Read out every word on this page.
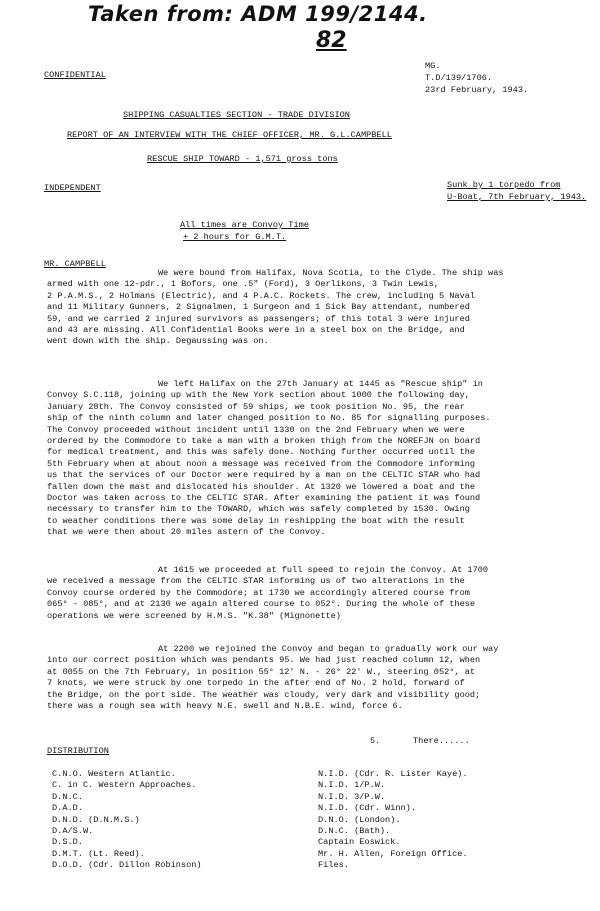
Taken from: ADM 199/2144.
82
CONFIDENTIAL
MG.
T.D/139/1706.
23rd February, 1943.
SHIPPING CASUALTIES SECTION - TRADE DIVISION
REPORT OF AN INTERVIEW WITH THE CHIEF OFFICER, MR. G.L.CAMPBELL
RESCUE SHIP TOWARD - 1,571 gross tons
INDEPENDENT	Sunk by 1 torpedo from
U-Boat, 7th February, 1943.
All times are Convoy Time
+ 2 hours for G.M.T.
MR. CAMPBELL
We were bound from Halifax, Nova Scotia, to the Clyde. The ship was
armed with one 12-pdr., 1 Bofors, one .5" (Ford), 3 Oerlikons, 3 Twin Lewis,
2 P.A.M.S., 2 Holmans (Electric), and 4 P.A.C. Rockets. The crew, including 5 Naval
and 11 Military Gunners, 2 Signalmen, 1 Surgeon and 1 Sick Bay attendant, numbered
59, and we carried 2 injured survivors as passengers; of this total 3 were injured
and 43 are missing. All Confidential Books were in a steel box on the Bridge, and
went down with the ship. Degaussing was on.
We left Halifax on the 27th January at 1445 as "Rescue ship" in
Convoy S.C.118, joining up with the New York section about 1000 the following day,
January 28th. The Convoy consisted of 59 ships, we took position No. 95, the rear
ship of the ninth column and later changed position to No. 85 for signalling purposes.
The Convoy proceeded without incident until 1330 on the 2nd February when we were
ordered by the Commodore to take a man with a broken thigh from the NOREFJN on board
for medical treatment, and this was safely done. Nothing further occurred until the
5th February when at about noon a message was received from the Commodore informing
us that the services of our Doctor were required by a man on the CELTIC STAR who had
fallen down the mast and dislocated his shoulder. At 1320 we lowered a boat and the
Doctor was taken across to the CELTIC STAR. After examining the patient it was found
necessary to transfer him to the TOWARD, which was safely completed by 1530. Owing
to weather conditions there was some delay in reshipping the boat with the result
that we were then about 20 miles astern of the Convoy.
At 1615 we proceeded at full speed to rejoin the Convoy. At 1700
we received a message from the CELTIC STAR informing us of two alterations in the
Convoy course ordered by the Commodore; at 1730 we accordingly altered course from
065° - 085°, and at 2130 we again altered course to 052°. During the whole of these
operations we were screened by H.M.S. "K.38" (Mignonette)
At 2200 we rejoined the Convoy and began to gradually work our way
into our correct position which was pendants 95. We had just reached column 12, when
at 0055 on the 7th February, in position 55° 12' N. - 26° 22' W., steering 052°, at
7 knots, we were struck by one torpedo in the after end of No. 2 hold, forward of
the Bridge, on the port side. The weather was cloudy, very dark and visibility good;
there was a rough sea with heavy N.E. swell and N.B.E. wind, force 6.
5.	There......
DISTRIBUTION
C.N.O. Western Atlantic.
C. in C. Western Approaches.
D.N.C.
D.A.D.
D.N.D. (D.N.M.S.)
D.A/S.W.
D.S.D.
D.M.T. (Lt. Reed).
D.O.D. (Cdr. Dillon Robinson)
N.I.D. (Cdr. R. Lister Kaye).
N.I.D. 1/P.W.
N.I.D. 3/P.W.
N.I.D. (Cdr. Winn).
D.N.O. (London).
D.N.C. (Bath).
Captain Eoswick.
Mr. H. Allen, Foreign Office.
Files.
